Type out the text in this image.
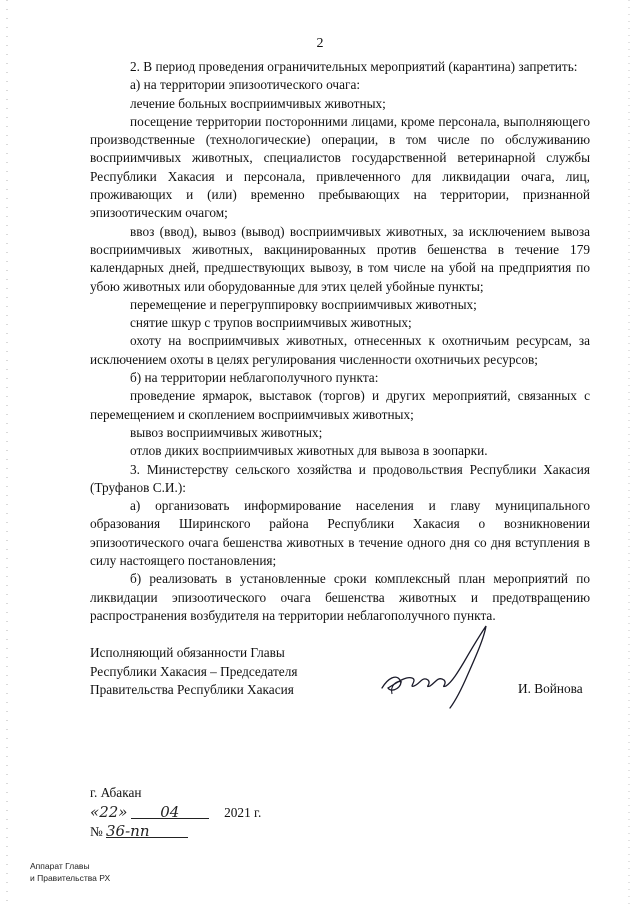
2

2. В период проведения ограничительных мероприятий (карантина) запретить:

а) на территории эпизоотического очага:

лечение больных восприимчивых животных;

посещение территории посторонними лицами, кроме персонала, выполняющего производственные (технологические) операции, в том числе по обслуживанию восприимчивых животных, специалистов государственной ветеринарной службы Республики Хакасия и персонала, привлеченного для ликвидации очага, лиц, проживающих и (или) временно пребывающих на территории, признанной эпизоотическим очагом;

ввоз (ввод), вывоз (вывод) восприимчивых животных, за исключением вывоза восприимчивых животных, вакцинированных против бешенства в течение 179 календарных дней, предшествующих вывозу, в том числе на убой на предприятия по убою животных или оборудованные для этих целей убойные пункты;

перемещение и перегруппировку восприимчивых животных;

снятие шкур с трупов восприимчивых животных;

охоту на восприимчивых животных, отнесенных к охотничьим ресурсам, за исключением охоты в целях регулирования численности охотничьих ресурсов;

б) на территории неблагополучного пункта:

проведение ярмарок, выставок (торгов) и других мероприятий, связанных с перемещением и скоплением восприимчивых животных;

вывоз восприимчивых животных;

отлов диких восприимчивых животных для вывоза в зоопарки.

3. Министерству сельского хозяйства и продовольствия Республики Хакасия (Труфанов С.И.):

а) организовать информирование населения и главу муниципального образования Ширинского района Республики Хакасия о возникновении эпизоотического очага бешенства животных в течение одного дня со дня вступления в силу настоящего постановления;

б) реализовать в установленные сроки комплексный план мероприятий по ликвидации эпизоотического очага бешенства животных и предотвращению распространения возбудителя на территории неблагополучного пункта.

Исполняющий обязанности Главы
Республики Хакасия – Председателя
Правительства Республики Хакасия	И. Войнова
г. Абакан
«22» 04	2021 г.
№ 36-пп
Аппарат Главы
и Правительства РХ
